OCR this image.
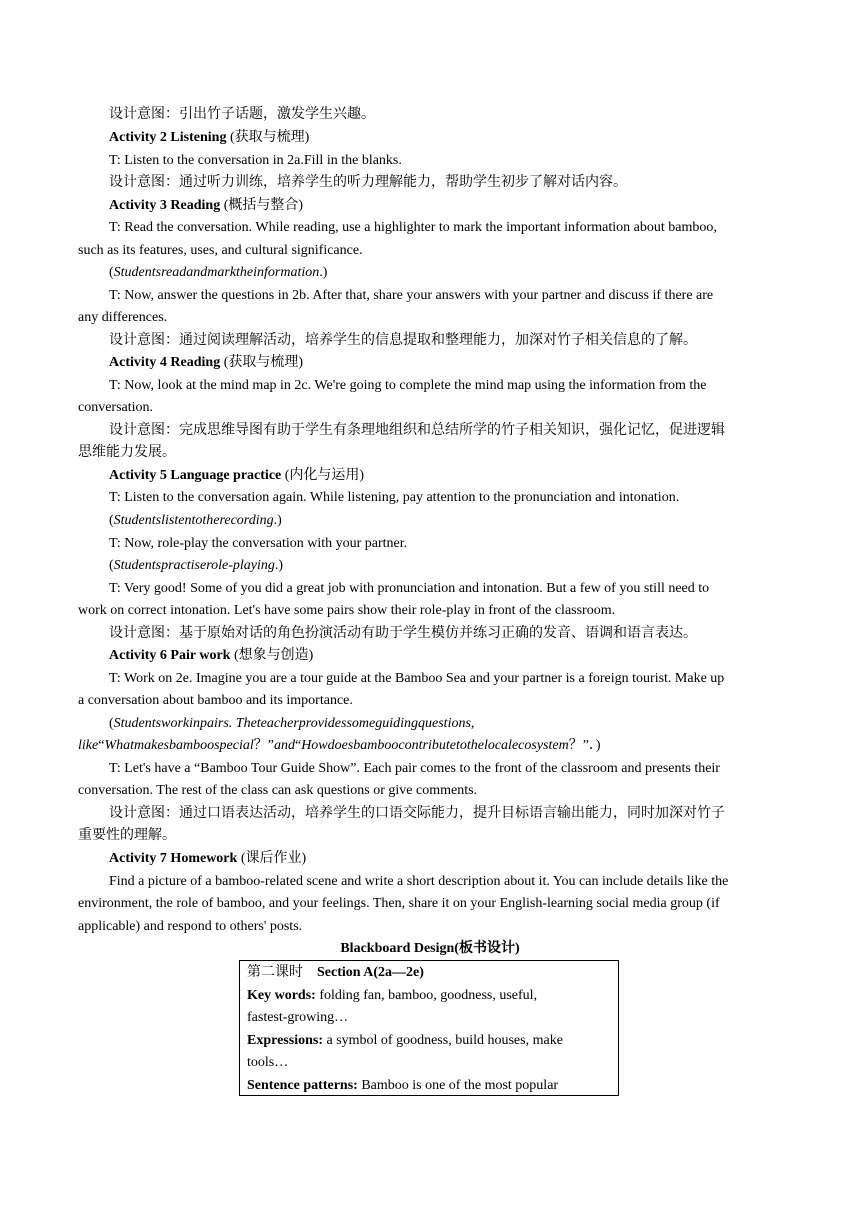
设计意图：引出竹子话题，激发学生兴趣。
Activity 2 Listening (获取与梳理)
T: Listen to the conversation in 2a.Fill in the blanks.
设计意图：通过听力训练，培养学生的听力理解能力，帮助学生初步了解对话内容。
Activity 3 Reading (概括与整合)
T: Read the conversation. While reading, use a highlighter to mark the important information about bamboo,
such as its features, uses, and cultural significance.
(Studentsreadandmarktheinformation.)
T: Now, answer the questions in 2b. After that, share your answers with your partner and discuss if there are
any differences.
设计意图：通过阅读理解活动，培养学生的信息提取和整理能力，加深对竹子相关信息的了解。
Activity 4 Reading (获取与梳理)
T: Now, look at the mind map in 2c. We're going to complete the mind map using the information from the
conversation.
设计意图：完成思维导图有助于学生有条理地组织和总结所学的竹子相关知识，强化记忆，促进逻辑
思维能力发展。
Activity 5 Language practice (内化与运用)
T: Listen to the conversation again. While listening, pay attention to the pronunciation and intonation.
(Studentslistentotherecording.)
T: Now, role-play the conversation with your partner.
(Studentspractiserole-playing.)
T: Very good! Some of you did a great job with pronunciation and intonation. But a few of you still need to
work on correct intonation. Let's have some pairs show their role-play in front of the classroom.
设计意图：基于原始对话的角色扮演活动有助于学生模仿并练习正确的发音、语调和语言表达。
Activity 6 Pair work (想象与创造)
T: Work on 2e. Imagine you are a tour guide at the Bamboo Sea and your partner is a foreign tourist. Make up
a conversation about bamboo and its importance.
(Studentsworkinpairs. Theteacherprovidessomeguidingquestions,
like“Whatmakesbamboospecial？”and“Howdoesbamboocontributetothelocalecosystem？”．)
T: Let's have a “Bamboo Tour Guide Show”. Each pair comes to the front of the classroom and presents their
conversation. The rest of the class can ask questions or give comments.
设计意图：通过口语表达活动，培养学生的口语交际能力，提升目标语言输出能力，同时加深对竹子
重要性的理解。
Activity 7 Homework (课后作业)
Find a picture of a bamboo-related scene and write a short description about it. You can include details like the
environment, the role of bamboo, and your feelings. Then, share it on your English-learning social media group (if
applicable) and respond to others' posts.
Blackboard Design(板书设计)
第二课时 Section A(2a—2e)
Key words: folding fan, bamboo, goodness, useful,
fastest-growing…
Expressions: a symbol of goodness, build houses, make
tools…
Sentence patterns: Bamboo is one of the most popular
